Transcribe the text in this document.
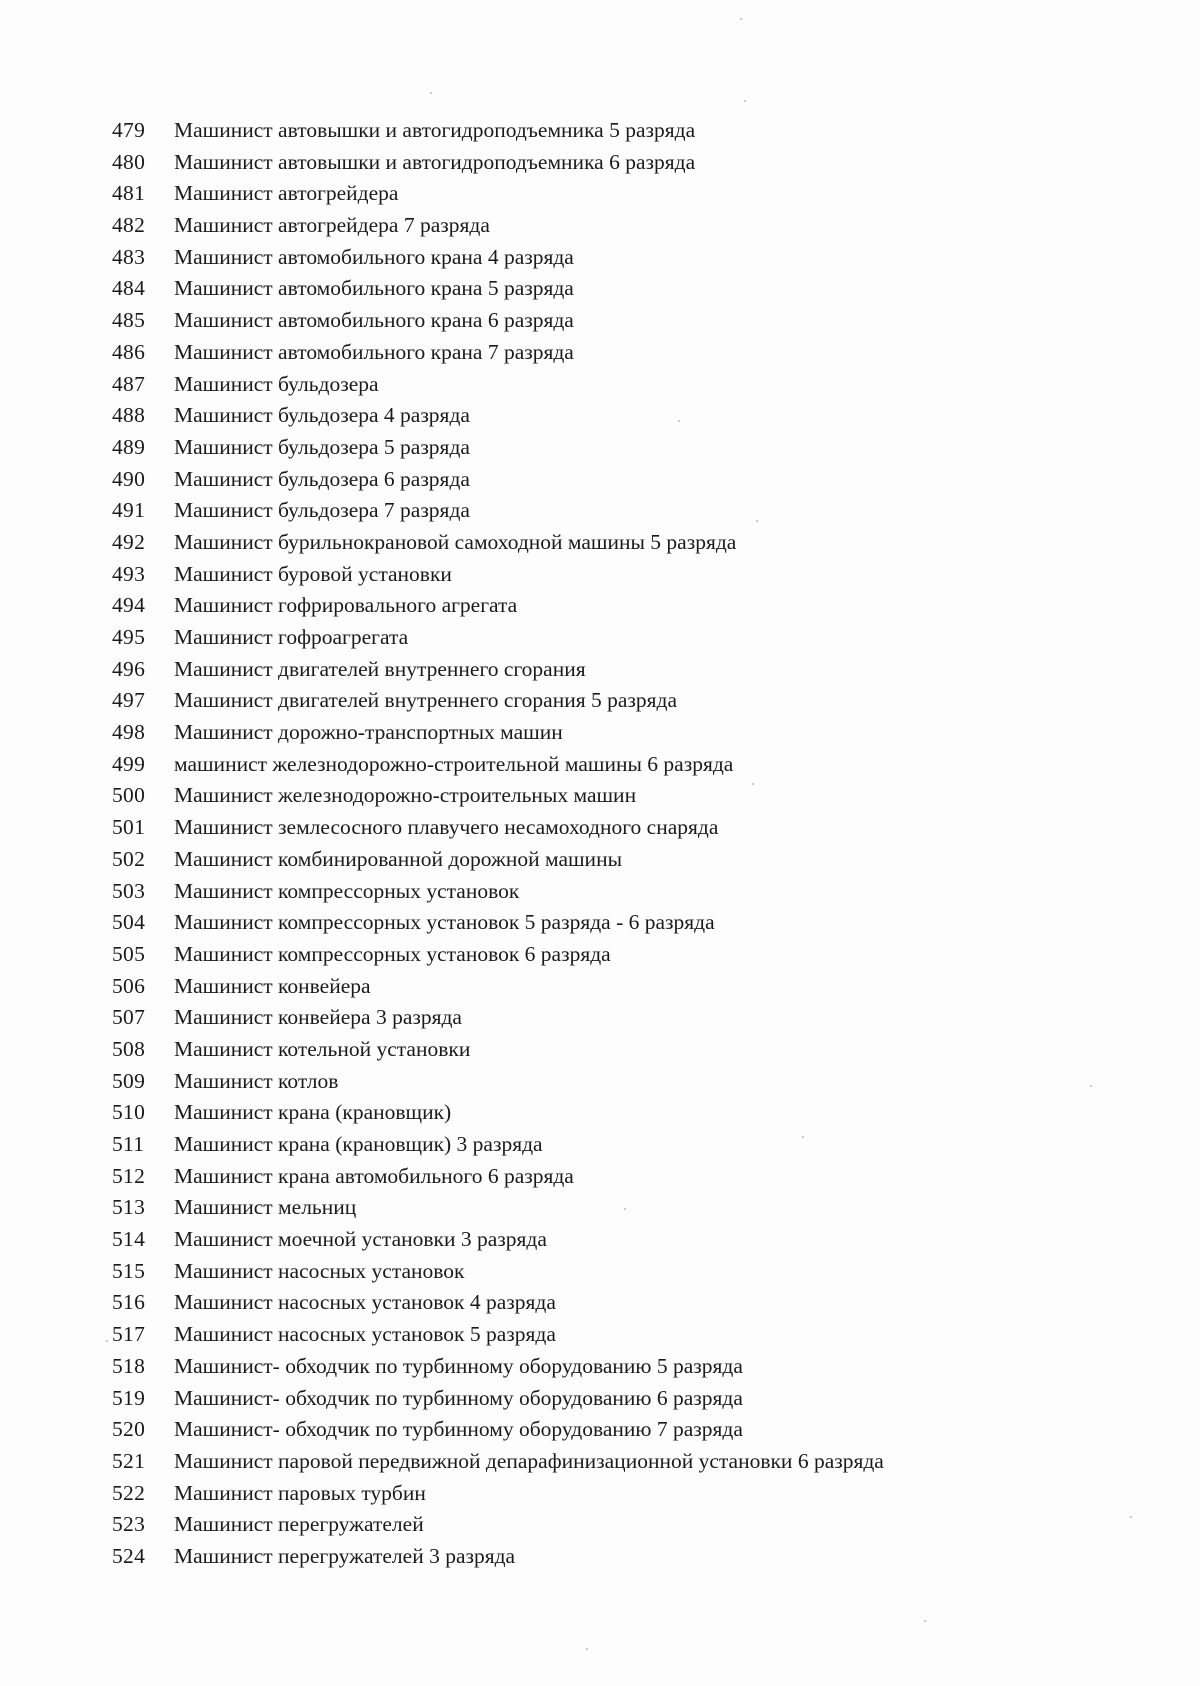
479	Машинист автовышки и автогидроподъемника 5 разряда
480	Машинист автовышки и автогидроподъемника 6 разряда
481	Машинист автогрейдера
482	Машинист автогрейдера 7 разряда
483	Машинист автомобильного крана 4 разряда
484	Машинист автомобильного крана 5 разряда
485	Машинист автомобильного крана 6 разряда
486	Машинист автомобильного крана 7 разряда
487	Машинист бульдозера
488	Машинист бульдозера 4 разряда
489	Машинист бульдозера 5 разряда
490	Машинист бульдозера 6 разряда
491	Машинист бульдозера 7 разряда
492	Машинист бурильнокрановой самоходной машины 5 разряда
493	Машинист буровой установки
494	Машинист гофрировального агрегата
495	Машинист гофроагрегата
496	Машинист двигателей внутреннего сгорания
497	Машинист двигателей внутреннего сгорания 5 разряда
498	Машинист дорожно-транспортных машин
499	машинист железнодорожно-строительной машины 6 разряда
500	Машинист железнодорожно-строительных машин
501	Машинист землесосного плавучего несамоходного снаряда
502	Машинист комбинированной дорожной машины
503	Машинист компрессорных установок
504	Машинист компрессорных установок 5 разряда - 6 разряда
505	Машинист компрессорных установок 6 разряда
506	Машинист конвейера
507	Машинист конвейера 3 разряда
508	Машинист котельной установки
509	Машинист котлов
510	Машинист крана (крановщик)
511	Машинист крана (крановщик) 3 разряда
512	Машинист крана автомобильного 6 разряда
513	Машинист мельниц
514	Машинист моечной установки 3 разряда
515	Машинист насосных установок
516	Машинист насосных установок 4 разряда
517	Машинист насосных установок 5 разряда
518	Машинист- обходчик по турбинному оборудованию 5 разряда
519	Машинист- обходчик по турбинному оборудованию 6 разряда
520	Машинист- обходчик по турбинному оборудованию 7 разряда
521	Машинист паровой передвижной депарафинизационной установки 6 разряда
522	Машинист паровых турбин
523	Машинист перегружателей
524	Машинист перегружателей 3 разряда
